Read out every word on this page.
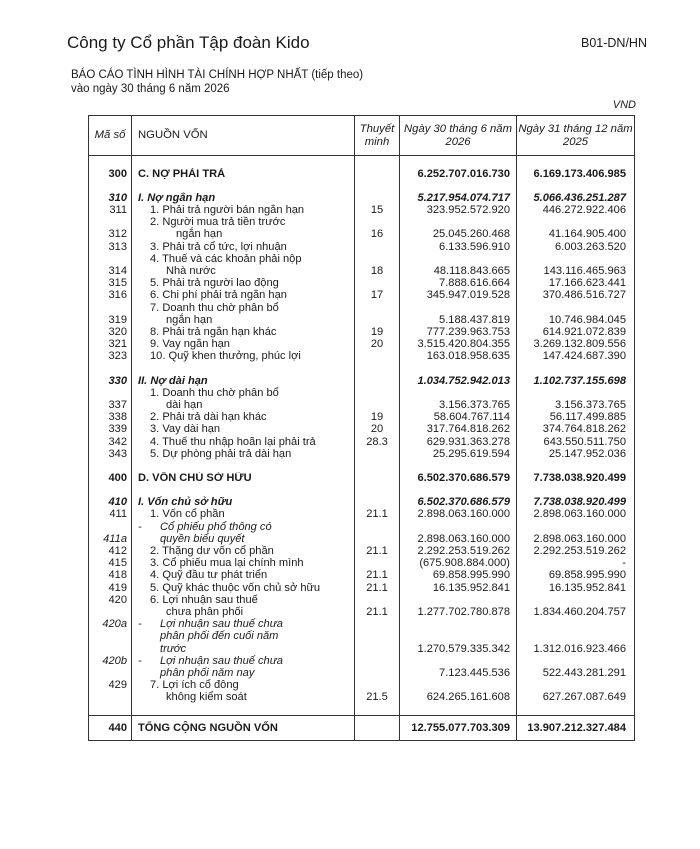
Công ty Cổ phần Tập đoàn Kido	B01-DN/HN
BÁO CÁO TÌNH HÌNH TÀI CHÍNH HỢP NHẤT (tiếp theo)
vào ngày 30 tháng 6 năm 2026
VND
Mã số	NGUỒN VỐN	Thuyết minh	Ngày 30 tháng 6 năm 2026	Ngày 31 tháng 12 năm 2025

300	C. NỢ PHẢI TRẢ		6.252.707.016.730	6.169.173.406.985

310	I. Nợ ngắn hạn		5.217.954.074.717	5.066.436.251.287
311	1. Phải trả người bán ngắn hạn	15	323.952.572.920	446.272.922.406
312	2. Người mua trả tiền trước
ngắn hạn	16	25.045.260.468	41.164.905.400
313	3. Phải trả cổ tức, lợi nhuận		6.133.596.910	6.003.263.520
314	4. Thuế và các khoản phải nộp
Nhà nước	18	48.118.843.665	143.116.465.963
315	5. Phải trả người lao động		7.888.616.664	17.166.623.441
316	6. Chi phí phải trả ngắn hạn	17	345.947.019.528	370.486.516.727
319	7. Doanh thu chờ phân bổ
ngắn hạn		5.188.437.819	10.746.984.045
320	8. Phải trả ngắn hạn khác	19	777.239.963.753	614.921.072.839
321	9. Vay ngắn hạn	20	3.515.420.804.355	3.269.132.809.556
323	10. Quỹ khen thưởng, phúc lợi		163.018.958.635	147.424.687.390

330	II. Nợ dài hạn		1.034.752.942.013	1.102.737.155.698
337	1. Doanh thu chờ phân bổ
dài hạn		3.156.373.765	3.156.373.765
338	2. Phải trả dài hạn khác	19	58.604.767.114	56.117.499.885
339	3. Vay dài hạn	20	317.764.818.262	374.764.818.262
342	4. Thuế thu nhập hoãn lại phải trả	28.3	629.931.363.278	643.550.511.750
343	5. Dự phòng phải trả dài hạn		25.295.619.594	25.147.952.036

400	D. VỐN CHỦ SỞ HỮU		6.502.370.686.579	7.738.038.920.499

410	I. Vốn chủ sở hữu		6.502.370.686.579	7.738.038.920.499
411	1. Vốn cổ phần	21.1	2.898.063.160.000	2.898.063.160.000
411a	- Cổ phiếu phổ thông có
quyền biểu quyết		2.898.063.160.000	2.898.063.160.000
412	2. Thặng dư vốn cổ phần	21.1	2.292.253.519.262	2.292.253.519.262
415	3. Cổ phiếu mua lại chính mình		(675.908.884.000)	-
418	4. Quỹ đầu tư phát triển	21.1	69.858.995.990	69.858.995.990
419	5. Quỹ khác thuộc vốn chủ sở hữu	21.1	16.135.952.841	16.135.952.841
420	6. Lợi nhuận sau thuế
chưa phân phối	21.1	1.277.702.780.878	1.834.460.204.757
420a	- Lợi nhuận sau thuế chưa
phân phối đến cuối năm
trước		1.270.579.335.342	1.312.016.923.466
420b	- Lợi nhuận sau thuế chưa
phân phối năm nay		7.123.445.536	522.443.281.291
429	7. Lợi ích cổ đông
không kiểm soát	21.5	624.265.161.608	627.267.087.649

440	TỔNG CỘNG NGUỒN VỐN		12.755.077.703.309	13.907.212.327.484
